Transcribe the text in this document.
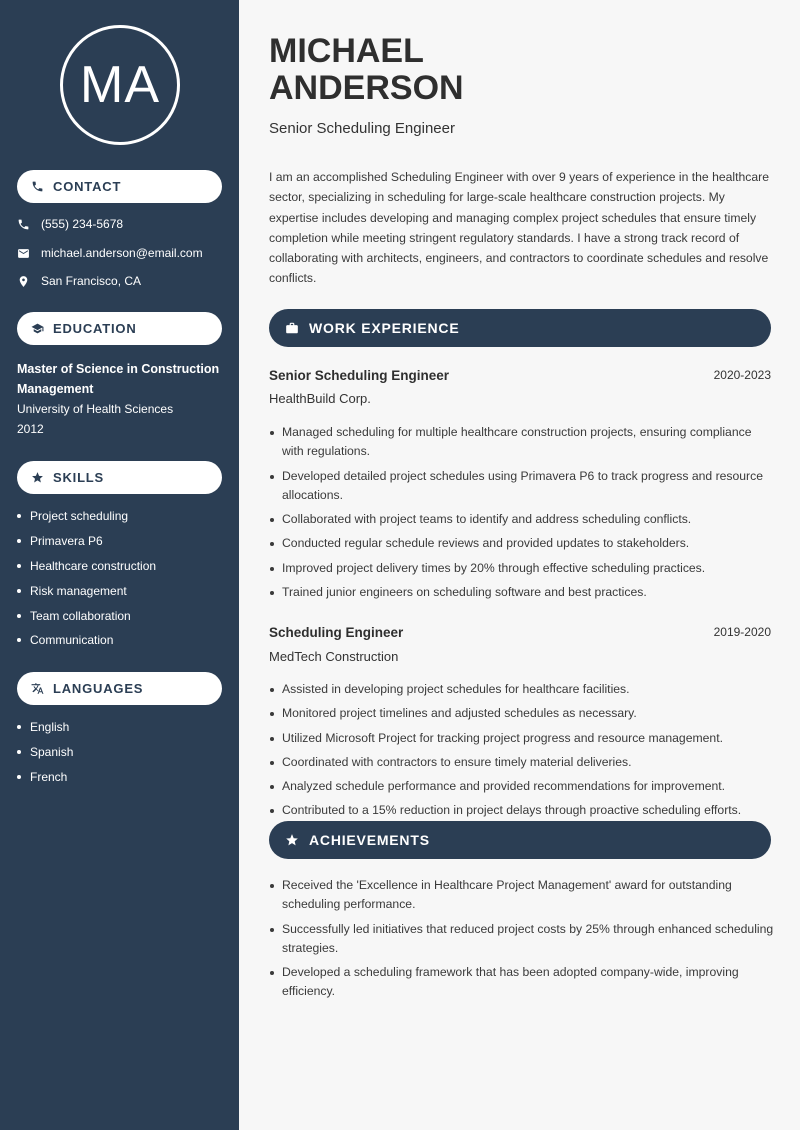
MA
CONTACT
(555) 234-5678
michael.anderson@email.com
San Francisco, CA
EDUCATION
Master of Science in Construction Management
University of Health Sciences
2012
SKILLS
Project scheduling
Primavera P6
Healthcare construction
Risk management
Team collaboration
Communication
LANGUAGES
English
Spanish
French
MICHAEL
ANDERSON
Senior Scheduling Engineer

I am an accomplished Scheduling Engineer with over 9 years of experience in the healthcare sector, specializing in scheduling for large-scale healthcare construction projects. My expertise includes developing and managing complex project schedules that ensure timely completion while meeting stringent regulatory standards. I have a strong track record of collaborating with architects, engineers, and contractors to coordinate schedules and resolve conflicts.

WORK EXPERIENCE
Senior Scheduling Engineer	2020-2023
HealthBuild Corp.
Managed scheduling for multiple healthcare construction projects, ensuring compliance with regulations.
Developed detailed project schedules using Primavera P6 to track progress and resource allocations.
Collaborated with project teams to identify and address scheduling conflicts.
Conducted regular schedule reviews and provided updates to stakeholders.
Improved project delivery times by 20% through effective scheduling practices.
Trained junior engineers on scheduling software and best practices.
Scheduling Engineer	2019-2020
MedTech Construction
Assisted in developing project schedules for healthcare facilities.
Monitored project timelines and adjusted schedules as necessary.
Utilized Microsoft Project for tracking project progress and resource management.
Coordinated with contractors to ensure timely material deliveries.
Analyzed schedule performance and provided recommendations for improvement.
Contributed to a 15% reduction in project delays through proactive scheduling efforts.
ACHIEVEMENTS
Received the 'Excellence in Healthcare Project Management' award for outstanding scheduling performance.
Successfully led initiatives that reduced project costs by 25% through enhanced scheduling strategies.
Developed a scheduling framework that has been adopted company-wide, improving efficiency.
